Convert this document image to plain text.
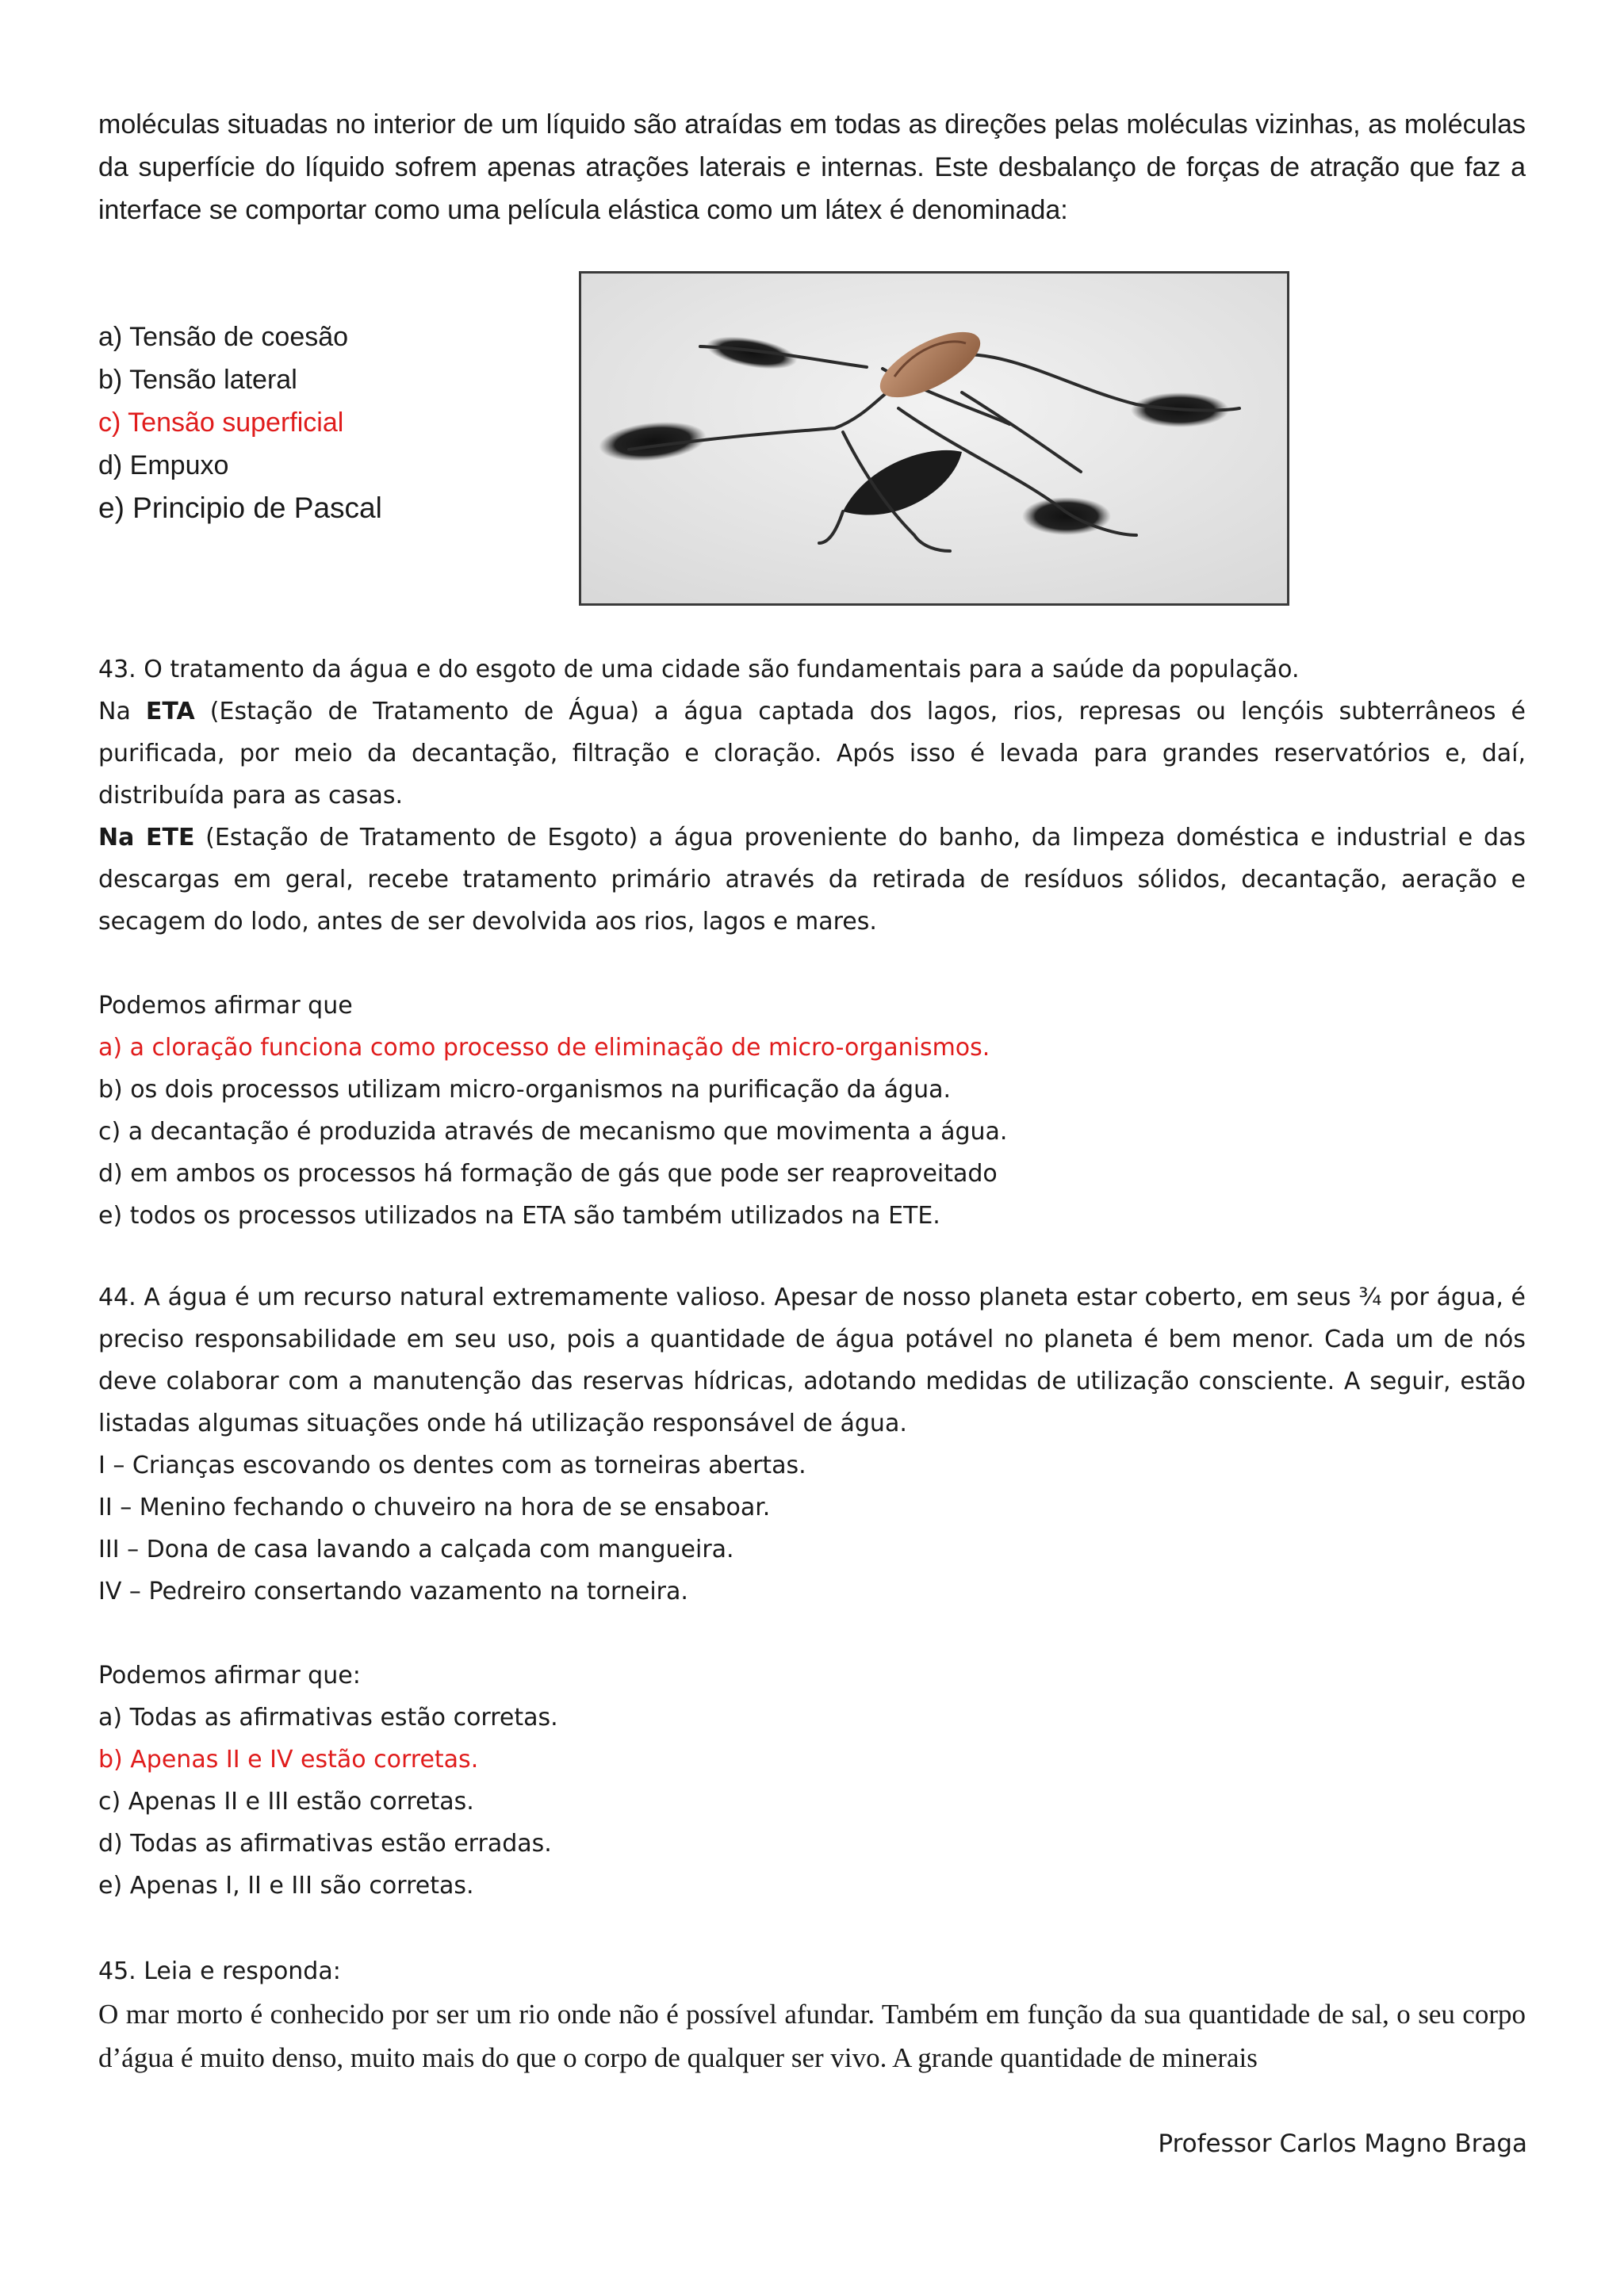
moléculas situadas no interior de um líquido são atraídas em todas as direções pelas moléculas vizinhas, as moléculas da superfície do líquido sofrem apenas atrações laterais e internas. Este desbalanço de forças de atração que faz a interface se comportar como uma película elástica como um látex é denominada:
a) Tensão de coesão
b) Tensão lateral
c) Tensão superficial
d) Empuxo
e) Principio de Pascal
43. O tratamento da água e do esgoto de uma cidade são fundamentais para a saúde da população.
Na ETA (Estação de Tratamento de Água) a água captada dos lagos, rios, represas ou lençóis subterrâneos é purificada, por meio da decantação, filtração e cloração. Após isso é levada para grandes reservatórios e, daí, distribuída para as casas.
Na ETE (Estação de Tratamento de Esgoto) a água proveniente do banho, da limpeza doméstica e industrial e das descargas em geral, recebe tratamento primário através da retirada de resíduos sólidos, decantação, aeração e secagem do lodo, antes de ser devolvida aos rios, lagos e mares.
Podemos afirmar que
a) a cloração funciona como processo de eliminação de micro-organismos.
b) os dois processos utilizam micro-organismos na purificação da água.
c) a decantação é produzida através de mecanismo que movimenta a água.
d) em ambos os processos há formação de gás que pode ser reaproveitado
e) todos os processos utilizados na ETA são também utilizados na ETE.
44. A água é um recurso natural extremamente valioso. Apesar de nosso planeta estar coberto, em seus ¾ por água, é preciso responsabilidade em seu uso, pois a quantidade de água potável no planeta é bem menor. Cada um de nós deve colaborar com a manutenção das reservas hídricas, adotando medidas de utilização consciente. A seguir, estão listadas algumas situações onde há utilização responsável de água.
I – Crianças escovando os dentes com as torneiras abertas.
II – Menino fechando o chuveiro na hora de se ensaboar.
III – Dona de casa lavando a calçada com mangueira.
IV – Pedreiro consertando vazamento na torneira.
Podemos afirmar que:
a) Todas as afirmativas estão corretas.
b) Apenas II e IV estão corretas.
c) Apenas II e III estão corretas.
d) Todas as afirmativas estão erradas.
e) Apenas I, II e III são corretas.
45. Leia e responda:
O mar morto é conhecido por ser um rio onde não é possível afundar. Também em função da sua quantidade de sal, o seu corpo d’água é muito denso, muito mais do que o corpo de qualquer ser vivo. A grande quantidade de minerais
Professor Carlos Magno Braga
